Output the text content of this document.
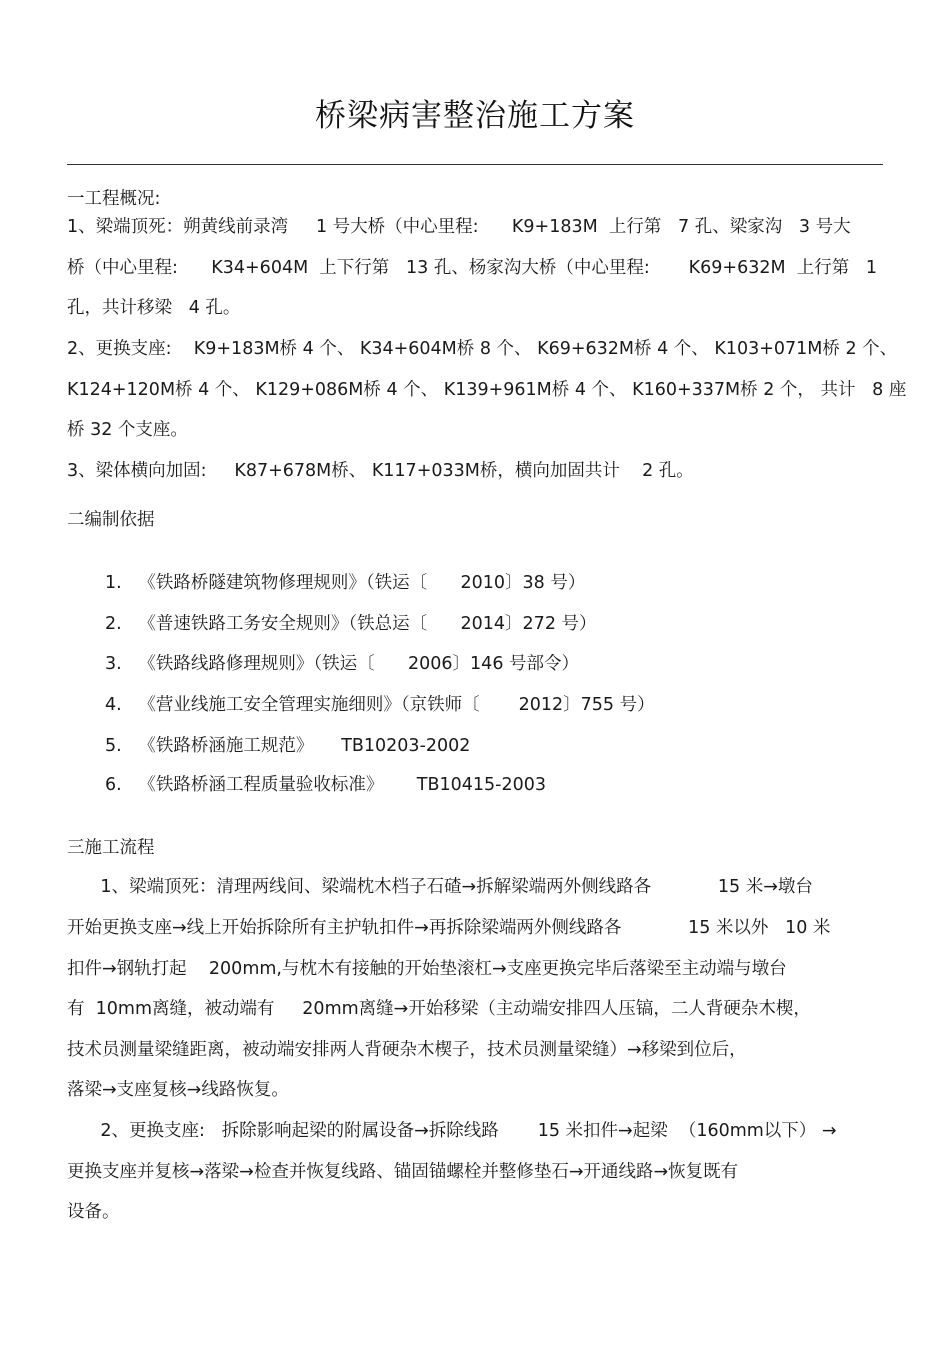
桥梁病害整治施工方案
一工程概况:
1、梁端顶死：朔黄线前录湾     1 号大桥（中心里程:      K9+183M  上行第   7 孔、梁家沟   3 号大
桥（中心里程:      K34+604M  上下行第   13 孔、杨家沟大桥（中心里程:       K69+632M  上行第   1
孔，共计移梁   4 孔。
2、更换支座:    K9+183M桥 4 个、 K34+604M桥 8 个、 K69+632M桥 4 个、 K103+071M桥 2 个、
K124+120M桥 4 个、 K129+086M桥 4 个、 K139+961M桥 4 个、 K160+337M桥 2 个， 共计   8 座
桥 32 个支座。
3、梁体横向加固:     K87+678M桥、 K117+033M桥，横向加固共计    2 孔。
二编制依据
1.   《铁路桥隧建筑物修理规则》（铁运〔      2010〕38 号）
2.   《普速铁路工务安全规则》（铁总运〔      2014〕272 号）
3.   《铁路线路修理规则》（铁运〔      2006〕146 号部令）
4.   《营业线施工安全管理实施细则》（京铁师〔       2012〕755 号）
5.   《铁路桥涵施工规范》     TB10203-2002
6.   《铁路桥涵工程质量验收标准》      TB10415-2003
三施工流程
1、梁端顶死：清理两线间、梁端枕木档子石碴→拆解梁端两外侧线路各            15 米→墩台
开始更换支座→线上开始拆除所有主护轨扣件→再拆除梁端两外侧线路各            15 米以外   10 米
扣件→钢轨打起    200mm,与枕木有接触的开始垫滚杠→支座更换完毕后落梁至主动端与墩台
有  10mm离缝，被动端有     20mm离缝→开始移梁（主动端安排四人压镐，二人背硬杂木楔，
技术员测量梁缝距离，被动端安排两人背硬杂木楔子，技术员测量梁缝）→移梁到位后，
落梁→支座复核→线路恢复。
2、更换支座:   拆除影响起梁的附属设备→拆除线路       15 米扣件→起梁  （160mm以下） →
更换支座并复核→落梁→检查并恢复线路、锚固锚螺栓并整修垫石→开通线路→恢复既有
设备。
